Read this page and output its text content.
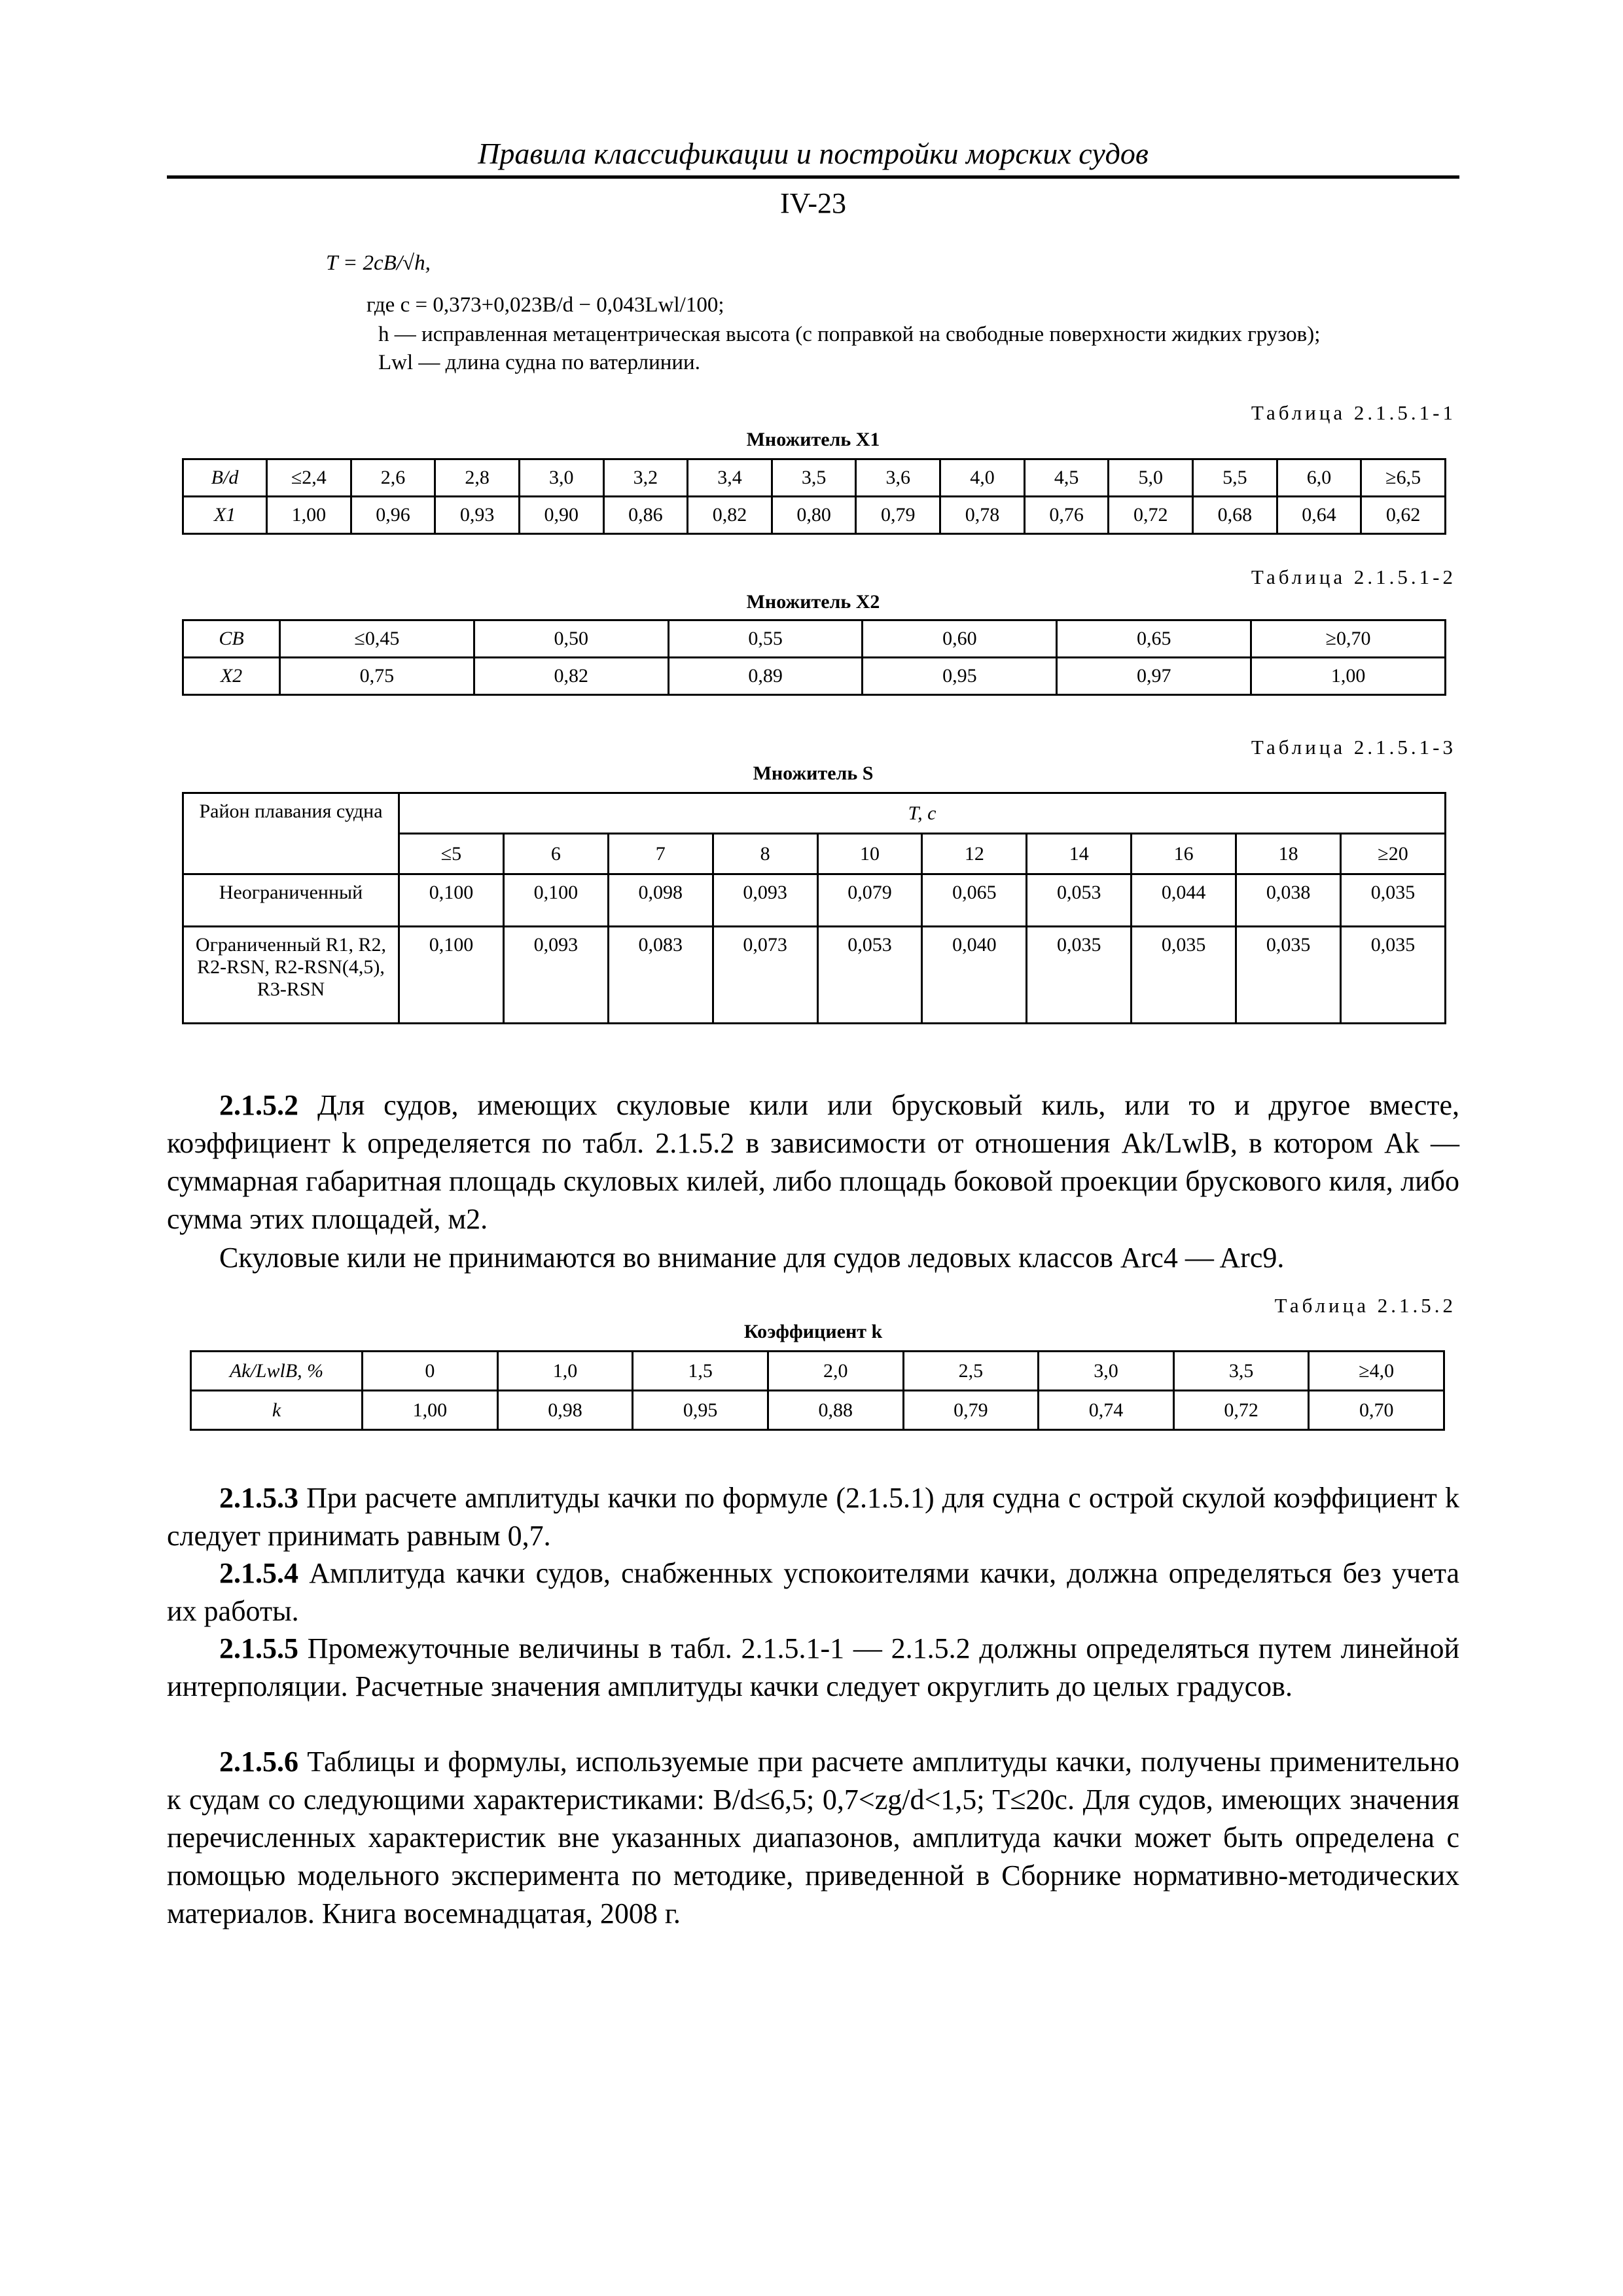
Правила классификации и постройки морских судов
IV-23
T = 2cB/√h,
где c = 0,373+0,023B/d − 0,043Lwl/100;
h — исправленная метацентрическая высота (с поправкой на свободные поверхности жидких грузов);
Lwl — длина судна по ватерлинии.
Таблица 2.1.5.1-1
Множитель X1
B/d	≤2,4	2,6	2,8	3,0	3,2	3,4	3,5	3,6	4,0	4,5	5,0	5,5	6,0	≥6,5
X1	1,00	0,96	0,93	0,90	0,86	0,82	0,80	0,79	0,78	0,76	0,72	0,68	0,64	0,62
Таблица 2.1.5.1-2
Множитель X2
CB	≤0,45	0,50	0,55	0,60	0,65	≥0,70
X2	0,75	0,82	0,89	0,95	0,97	1,00
Таблица 2.1.5.1-3
Множитель S
Район плавания судна	T, c									
	≤5	6	7	8	10	12	14	16	18	≥20
Неограниченный	0,100	0,100	0,098	0,093	0,079	0,065	0,053	0,044	0,038	0,035
Ограниченный R1, R2, R2-RSN, R2-RSN(4,5), R3-RSN	0,100	0,093	0,083	0,073	0,053	0,040	0,035	0,035	0,035	0,035
2.1.5.2 Для судов, имеющих скуловые кили или брусковый киль, или то и другое вместе, коэффициент k определяется по табл. 2.1.5.2 в зависимости от отношения Ak/LwlB, в котором Ak — суммарная габаритная площадь скуловых килей, либо площадь боковой проекции брускового киля, либо сумма этих площадей, м2.
Скуловые кили не принимаются во внимание для судов ледовых классов Arc4 — Arc9.
Таблица 2.1.5.2
Коэффициент k
Ak/LwlB, %	0	1,0	1,5	2,0	2,5	3,0	3,5	≥4,0
k	1,00	0,98	0,95	0,88	0,79	0,74	0,72	0,70
2.1.5.3 При расчете амплитуды качки по формуле (2.1.5.1) для судна с острой скулой коэффициент k следует принимать равным 0,7.
2.1.5.4 Амплитуда качки судов, снабженных успокоителями качки, должна определяться без учета их работы.
2.1.5.5 Промежуточные величины в табл. 2.1.5.1-1 — 2.1.5.2 должны определяться путем линейной интерполяции. Расчетные значения амплитуды качки следует округлить до целых градусов.
2.1.5.6 Таблицы и формулы, используемые при расчете амплитуды качки, получены применительно к судам со следующими характеристиками: B/d≤6,5; 0,7<zg/d<1,5; T≤20c. Для судов, имеющих значения перечисленных характеристик вне указанных диапазонов, амплитуда качки может быть определена с помощью модельного эксперимента по методике, приведенной в Сборнике нормативно-методических материалов. Книга восемнадцатая, 2008 г.
